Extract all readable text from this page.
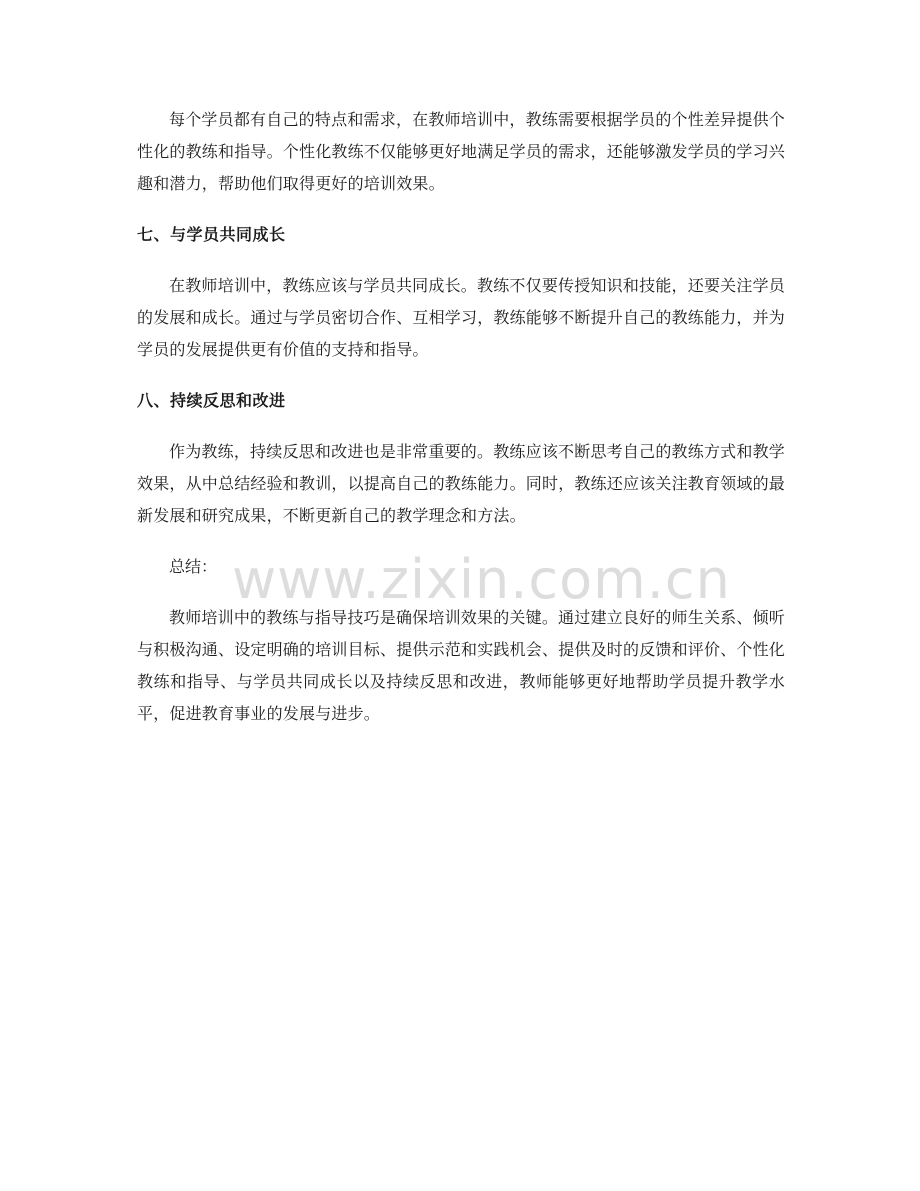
每个学员都有自己的特点和需求，在教师培训中，教练需要根据学员的个性差异提供个性化的教练和指导。个性化教练不仅能够更好地满足学员的需求，还能够激发学员的学习兴趣和潜力，帮助他们取得更好的培训效果。

七、与学员共同成长

在教师培训中，教练应该与学员共同成长。教练不仅要传授知识和技能，还要关注学员的发展和成长。通过与学员密切合作、互相学习，教练能够不断提升自己的教练能力，并为学员的发展提供更有价值的支持和指导。

八、持续反思和改进

作为教练，持续反思和改进也是非常重要的。教练应该不断思考自己的教练方式和教学效果，从中总结经验和教训，以提高自己的教练能力。同时，教练还应该关注教育领域的最新发展和研究成果，不断更新自己的教学理念和方法。

总结：

教师培训中的教练与指导技巧是确保培训效果的关键。通过建立良好的师生关系、倾听与积极沟通、设定明确的培训目标、提供示范和实践机会、提供及时的反馈和评价、个性化教练和指导、与学员共同成长以及持续反思和改进，教师能够更好地帮助学员提升教学水平，促进教育事业的发展与进步。

www.zixin.com.cn
